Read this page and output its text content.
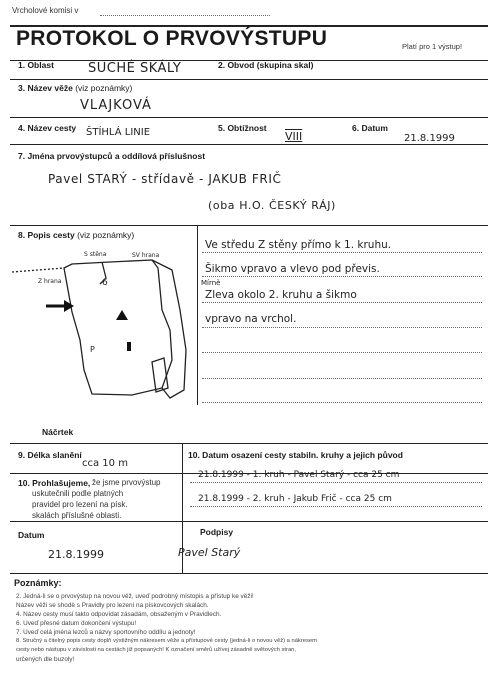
Vrcholové komisi v
PROTOKOL O PRVOVÝSTUPU	Platí pro 1 výstup!
1. Oblast	SUCHÉ SKÁLY	2. Obvod (skupina skal)
3. Název věže (viz poznámky)
VLAJKOVÁ
4. Název cesty ŠTÍHLÁ LINIE	5. Obtížnost
VIII
6. Datum
21.8.1999
7. Jména prvovýstupců a oddílová příslušnost
Pavel STARÝ - střídavě - JAKUB FRIČ
(oba H.O. ČESKÝ RÁJ)
8. Popis cesty (viz poznámky)
Ve středu Z stěny přímo k 1. kruhu.
Šikmo vpravo a vlevo pod převis.
Mírně
Zleva okolo 2. kruhu a šikmo
vpravo na vrchol.
S stěna	SV hrana
Z hrana	6
P
Náčrtek
9. Délka slanění
cca 10 m
10. Datum osazení cesty stabiln. kruhy a jejich původ
21.8.1999 - 1. kruh - Pavel Starý - cca 25 cm
21.8.1999 - 2. kruh - Jakub Frič - cca 25 cm
10. Prohlašujeme, že jsme prvovýstup
uskutečnili podle platných
pravidel pro lezení na písk.
skalách příslušné oblasti.
Datum
21.8.1999
Podpisy
Pavel Starý
Poznámky:
2. Jedná-li se o prvovýstup na novou věž, uveď podrobný místopis a přístup ke věži!
Název věži se shodě s Pravidly pro lezení na pískovcových skalách.
4. Název cesty musí takto odpovídat zásadám, obsaženým v Pravidlech.
6. Uveď přesné datum dokončení výstupu!
7. Uveď celá jména lezců a názvy sportovního oddílu a jednoty!
8. Stručný a čitelný popis cesty doplň výstižným nákresem věže a přístupové cesty (jedná-li o novou věž) a nákresem
cesty nebo nástupu v závislosti na cestách již popsaných! K označení směrů užívej zásadně světových stran,
určených dle buzoly!
